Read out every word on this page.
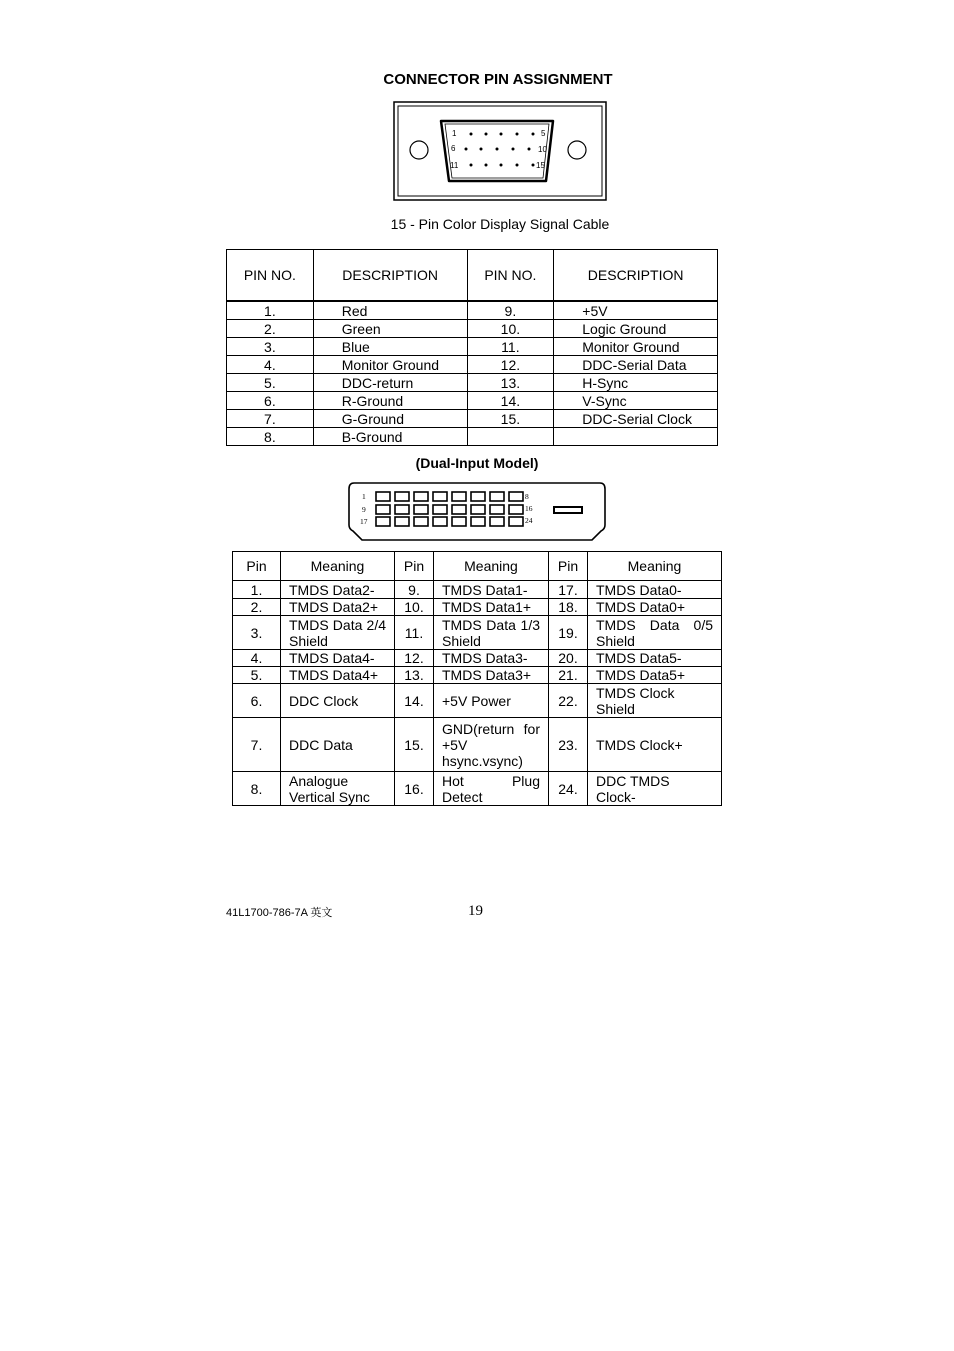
CONNECTOR PIN ASSIGNMENT
1	5
6	10
11	15
15 - Pin Color Display Signal Cable
PIN NO.	DESCRIPTION	PIN NO.	DESCRIPTION
1.	Red	9.	+5V
2.	Green	10.	Logic Ground
3.	Blue	11.	Monitor Ground
4.	Monitor Ground	12.	DDC-Serial Data
5.	DDC-return	13.	H-Sync
6.	R-Ground	14.	V-Sync
7.	G-Ground	15.	DDC-Serial Clock
8.	B-Ground		
(Dual-Input Model)
1	8
9	16
17	24
Pin	Meaning	Pin	Meaning	Pin	Meaning
1.	TMDS Data2-	9.	TMDS Data1-	17.	TMDS Data0-
2.	TMDS Data2+	10.	TMDS Data1+	18.	TMDS Data0+
3.	TMDS Data 2/4 Shield	11.	TMDS Data 1/3 Shield	19.	TMDS Data 0/5 Shield
4.	TMDS Data4-	12.	TMDS Data3-	20.	TMDS Data5-
5.	TMDS Data4+	13.	TMDS Data3+	21.	TMDS Data5+
6.	DDC Clock	14.	+5V Power	22.	TMDS Clock Shield
7.	DDC Data	15.	GND(return for +5V hsync.vsync)	23.	TMDS Clock+
8.	Analogue Vertical Sync	16.	Hot Plug Detect	24.	DDC TMDS Clock-
41L1700-786-7A 英文	19
